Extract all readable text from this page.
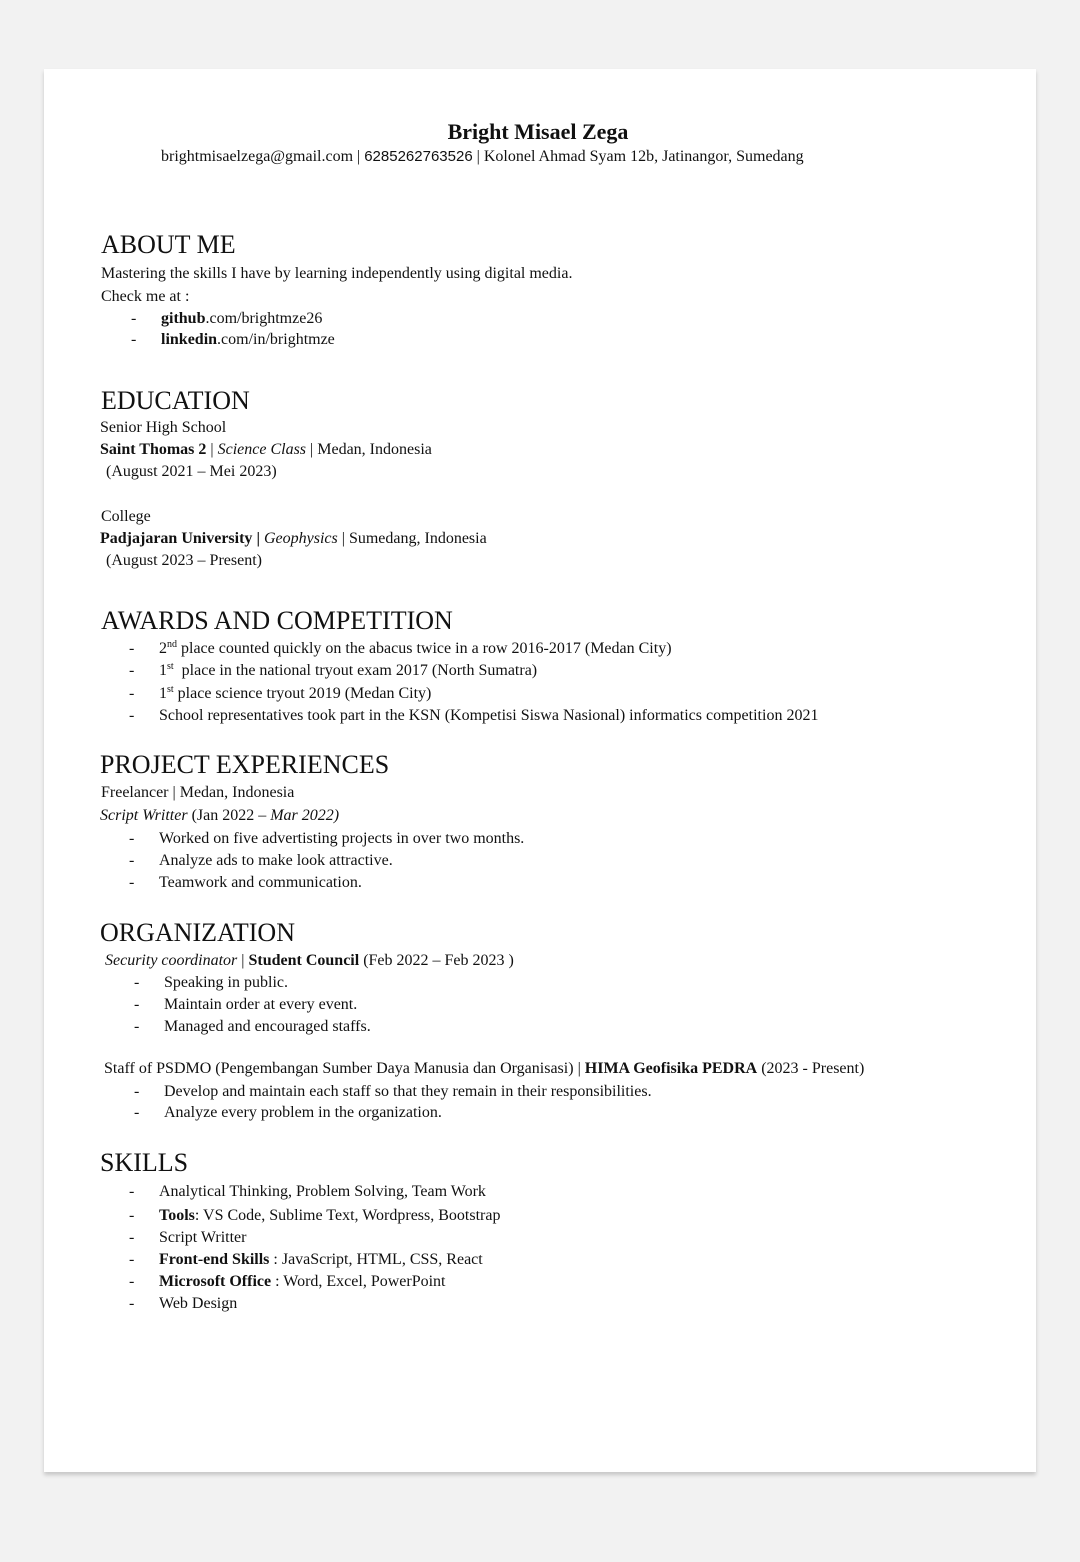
Bright Misael Zega
brightmisaelzega@gmail.com | 6285262763526 | Kolonel Ahmad Syam 12b, Jatinangor, Sumedang
ABOUT ME
Mastering the skills I have by learning independently using digital media.
Check me at :
- github.com/brightmze26
- linkedin.com/in/brightmze
EDUCATION
Senior High School
Saint Thomas 2 | Science Class | Medan, Indonesia
(August 2021 – Mei 2023)
College
Padjajaran University | Geophysics | Sumedang, Indonesia
(August 2023 – Present)
AWARDS AND COMPETITION
- 2nd place counted quickly on the abacus twice in a row 2016-2017 (Medan City)
- 1st  place in the national tryout exam 2017 (North Sumatra)
- 1st place science tryout 2019 (Medan City)
- School representatives took part in the KSN (Kompetisi Siswa Nasional) informatics competition 2021
PROJECT EXPERIENCES
Freelancer | Medan, Indonesia
Script Writter (Jan 2022 – Mar 2022)
- Worked on five advertisting projects in over two months.
- Analyze ads to make look attractive.
- Teamwork and communication.
ORGANIZATION
Security coordinator | Student Council (Feb 2022 – Feb 2023 )
- Speaking in public.
- Maintain order at every event.
- Managed and encouraged staffs.
Staff of PSDMO (Pengembangan Sumber Daya Manusia dan Organisasi) | HIMA Geofisika PEDRA (2023 - Present)
- Develop and maintain each staff so that they remain in their responsibilities.
- Analyze every problem in the organization.
SKILLS
- Analytical Thinking, Problem Solving, Team Work
- Tools: VS Code, Sublime Text, Wordpress, Bootstrap
- Script Writter
- Front-end Skills : JavaScript, HTML, CSS, React
- Microsoft Office : Word, Excel, PowerPoint
- Web Design
